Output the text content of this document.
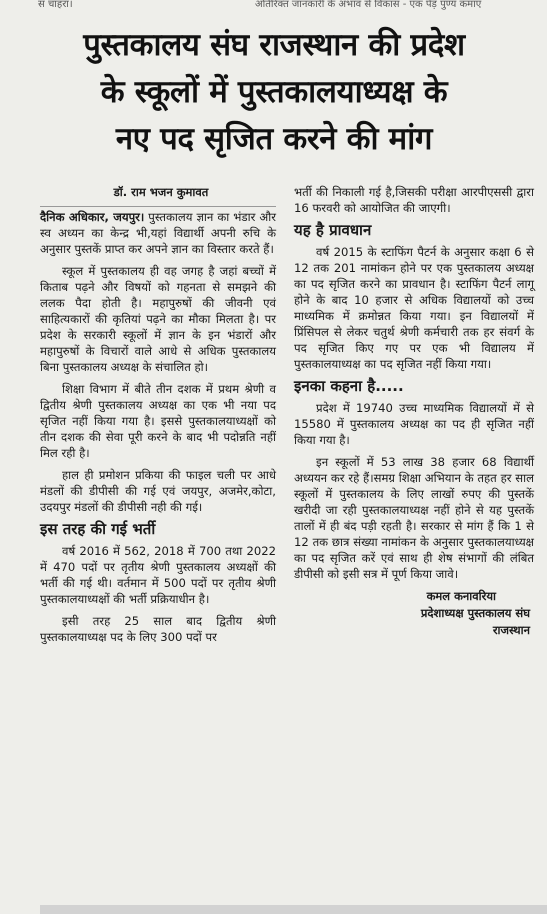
स चाहरा।	अतिरिक्त जानकारी के अभाव से विकास - एक पेड़ पुण्य कमाए
पुस्तकालय संघ राजस्थान की प्रदेश
के स्कूलों में पुस्तकालयाध्यक्ष के
नए पद सृजित करने की मांग
डॉ. राम भजन कुमावत

दैनिक अधिकार, जयपुर। पुस्तकालय ज्ञान का भंडार और स्व अध्यन का केन्द्र भी,यहां विद्यार्थी अपनी रुचि के अनुसार पुस्तकें प्राप्त कर अपने ज्ञान का विस्तार करते हैं।

स्कूल में पुस्तकालय ही वह जगह है जहां बच्चों में किताब पढ़ने और विषयों को गहनता से समझने की ललक पैदा होती है। महापुरुषों की जीवनी एवं साहित्यकारों की कृतियां पढ़ने का मौका मिलता है। पर प्रदेश के सरकारी स्कूलों में ज्ञान के इन भंडारों और महापुरुषों के विचारों वाले आधे से अधिक पुस्तकालय बिना पुस्तकालय अध्यक्ष के संचालित हो।

शिक्षा विभाग में बीते तीन दशक में प्रथम श्रेणी व द्वितीय श्रेणी पुस्तकालय अध्यक्ष का एक भी नया पद सृजित नहीं किया गया है। इससे पुस्तकालयाध्यक्षों को तीन दशक की सेवा पूरी करने के बाद भी पदोन्नति नहीं मिल रही है।

हाल ही प्रमोशन प्रकिया की फाइल चली पर आधे मंडलों की डीपीसी की गई एवं जयपुर, अजमेर,कोटा, उदयपुर मंडलों की डीपीसी नही की गई।

इस तरह की गई भर्ती

वर्ष 2016 में 562, 2018 में 700 तथा 2022 में 470 पदों पर तृतीय श्रेणी पुस्तकालय अध्यक्षों की भर्ती की गई थी। वर्तमान में 500 पदों पर तृतीय श्रेणी पुस्तकालयाध्यक्षों की भर्ती प्रक्रियाधीन है।

इसी तरह 25 साल बाद द्वितीय श्रेणी पुस्तकालयाध्यक्ष पद के लिए 300 पदों पर

भर्ती की निकाली गई है,जिसकी परीक्षा आरपीएससी द्वारा 16 फरवरी को आयोजित की जाएगी।

यह है प्रावधान

वर्ष 2015 के स्टाफिंग पैटर्न के अनुसार कक्षा 6 से 12 तक 201 नामांकन होने पर एक पुस्तकालय अध्यक्ष का पद सृजित करने का प्रावधान है। स्टाफिंग पैटर्न लागू होने के बाद 10 हजार से अधिक विद्यालयों को उच्च माध्यमिक में क्रमोन्नत किया गया। इन विद्यालयों में प्रिंसिपल से लेकर चतुर्थ श्रेणी कर्मचारी तक हर संवर्ग के पद सृजित किए गए पर एक भी विद्यालय में पुस्तकालयाध्यक्ष का पद सृजित नहीं किया गया।

इनका कहना है.....

प्रदेश में 19740 उच्च माध्यमिक विद्यालयों में से 15580 में पुस्तकालय अध्यक्ष का पद ही सृजित नहीं किया गया है।

इन स्कूलों में 53 लाख 38 हजार 68 विद्यार्थी अध्ययन कर रहे हैं।समग्र शिक्षा अभियान के तहत हर साल स्कूलों में पुस्तकालय के लिए लाखों रुपए की पुस्तकें खरीदी जा रही पुस्तकालयाध्यक्ष नहीं होने से यह पुस्तकें तालों में ही बंद पड़ी रहती है। सरकार से मांग हैं कि 1 से 12 तक छात्र संख्या नामांकन के अनुसार पुस्तकालयाध्यक्ष का पद सृजित करें एवं साथ ही शेष संभागों की लंबित डीपीसी को इसी सत्र में पूर्ण किया जावे।

कमल कनावरिया
प्रदेशाध्यक्ष पुस्तकालय संघ
राजस्थान
